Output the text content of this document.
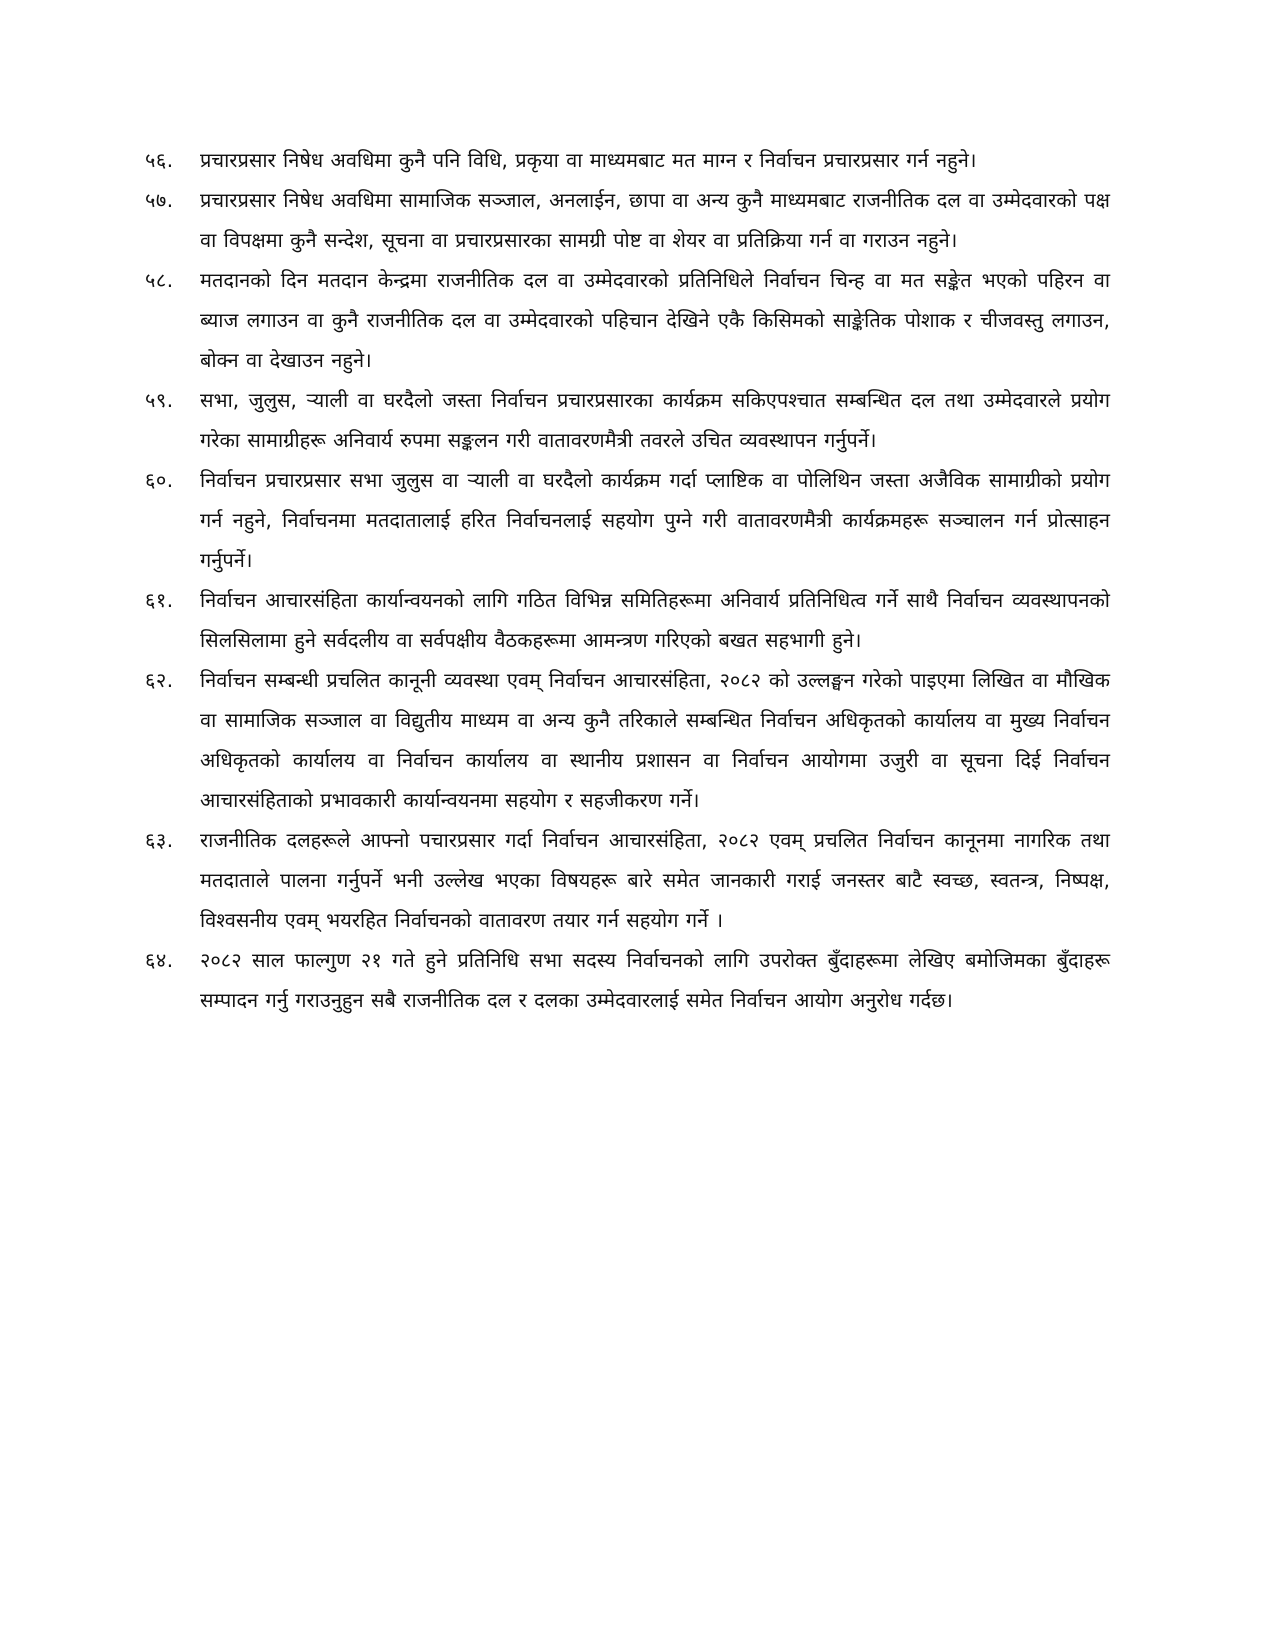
५६.	प्रचारप्रसार निषेध अवधिमा कुनै पनि विधि, प्रकृया वा माध्यमबाट मत माग्न र निर्वाचन प्रचारप्रसार गर्न नहुने।
५७.	प्रचारप्रसार निषेध अवधिमा सामाजिक सञ्जाल, अनलाईन, छापा वा अन्य कुनै माध्यमबाट राजनीतिक दल वा उम्मेदवारको पक्ष वा विपक्षमा कुनै सन्देश, सूचना वा प्रचारप्रसारका सामग्री पोष्ट वा शेयर वा प्रतिक्रिया गर्न वा गराउन नहुने।
५८.	मतदानको दिन मतदान केन्द्रमा राजनीतिक दल वा उम्मेदवारको प्रतिनिधिले निर्वाचन चिन्ह वा मत सङ्केत भएको पहिरन वा ब्याज लगाउन वा कुनै राजनीतिक दल वा उम्मेदवारको पहिचान देखिने एकै किसिमको साङ्केतिक पोशाक र चीजवस्तु लगाउन, बोक्न वा देखाउन नहुने।
५९.	सभा, जुलुस, र्‍याली वा घरदैलो जस्ता निर्वाचन प्रचारप्रसारका कार्यक्रम सकिएपश्चात सम्बन्धित दल तथा उम्मेदवारले प्रयोग गरेका सामाग्रीहरू अनिवार्य रुपमा सङ्कलन गरी वातावरणमैत्री तवरले उचित व्यवस्थापन गर्नुपर्ने।
६०.	निर्वाचन प्रचारप्रसार सभा जुलुस वा र्‍याली वा घरदैलो कार्यक्रम गर्दा प्लाष्टिक वा पोलिथिन जस्ता अजैविक सामाग्रीको प्रयोग गर्न नहुने, निर्वाचनमा मतदातालाई हरित निर्वाचनलाई सहयोग पुग्ने गरी वातावरणमैत्री कार्यक्रमहरू सञ्चालन गर्न प्रोत्साहन गर्नुपर्ने।
६१.	निर्वाचन आचारसंहिता कार्यान्वयनको लागि गठित विभिन्न समितिहरूमा अनिवार्य प्रतिनिधित्व गर्ने साथै निर्वाचन व्यवस्थापनको सिलसिलामा हुने सर्वदलीय वा सर्वपक्षीय वैठकहरूमा आमन्त्रण गरिएको बखत सहभागी हुने।
६२.	निर्वाचन सम्बन्धी प्रचलित कानूनी व्यवस्था एवम् निर्वाचन आचारसंहिता, २०८२ को उल्लङ्घन गरेको पाइएमा लिखित वा मौखिक वा सामाजिक सञ्जाल वा विद्युतीय माध्यम वा अन्य कुनै तरिकाले सम्बन्धित निर्वाचन अधिकृतको कार्यालय वा मुख्य निर्वाचन अधिकृतको कार्यालय वा निर्वाचन कार्यालय वा स्थानीय प्रशासन वा निर्वाचन आयोगमा उजुरी वा सूचना दिई निर्वाचन आचारसंहिताको प्रभावकारी कार्यान्वयनमा सहयोग र सहजीकरण गर्ने।
६३.	राजनीतिक दलहरूले आफ्नो पचारप्रसार गर्दा निर्वाचन आचारसंहिता, २०८२ एवम् प्रचलित निर्वाचन कानूनमा नागरिक तथा मतदाताले पालना गर्नुपर्ने भनी उल्लेख भएका विषयहरू बारे समेत जानकारी गराई जनस्तर बाटै स्वच्छ, स्वतन्त्र, निष्पक्ष, विश्वसनीय एवम् भयरहित निर्वाचनको वातावरण तयार गर्न सहयोग गर्ने ।
६४.	२०८२ साल फाल्गुण २१ गते हुने प्रतिनिधि सभा सदस्य निर्वाचनको लागि उपरोक्त बुँदाहरूमा लेखिए बमोजिमका बुँदाहरू सम्पादन गर्नु गराउनुहुन सबै राजनीतिक दल र दलका उम्मेदवारलाई समेत निर्वाचन आयोग अनुरोध गर्दछ।
